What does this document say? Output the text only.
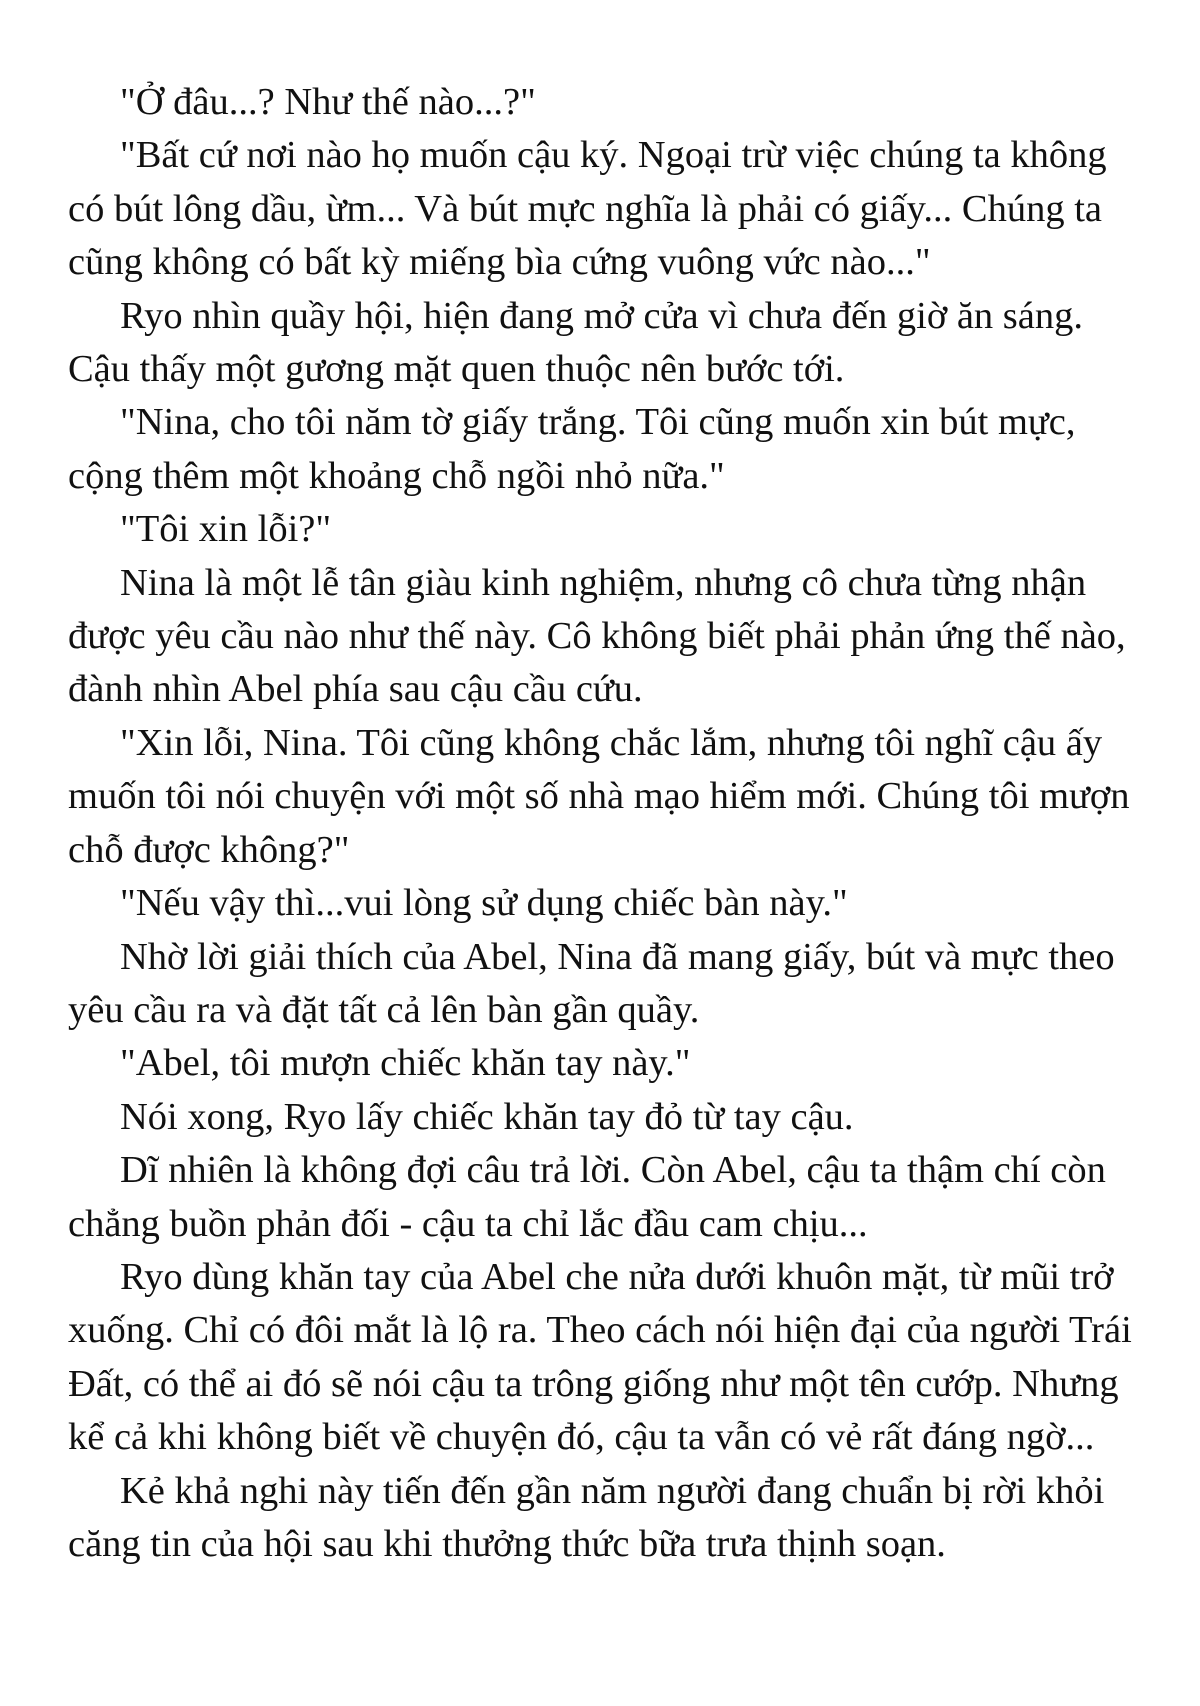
"Ở đâu...? Như thế nào...?"

"Bất cứ nơi nào họ muốn cậu ký. Ngoại trừ việc chúng ta không có bút lông dầu, ừm... Và bút mực nghĩa là phải có giấy... Chúng ta cũng không có bất kỳ miếng bìa cứng vuông vức nào..."

Ryo nhìn quầy hội, hiện đang mở cửa vì chưa đến giờ ăn sáng. Cậu thấy một gương mặt quen thuộc nên bước tới.

"Nina, cho tôi năm tờ giấy trắng. Tôi cũng muốn xin bút mực, cộng thêm một khoảng chỗ ngồi nhỏ nữa."

"Tôi xin lỗi?"

Nina là một lễ tân giàu kinh nghiệm, nhưng cô chưa từng nhận được yêu cầu nào như thế này. Cô không biết phải phản ứng thế nào, đành nhìn Abel phía sau cậu cầu cứu.

"Xin lỗi, Nina. Tôi cũng không chắc lắm, nhưng tôi nghĩ cậu ấy muốn tôi nói chuyện với một số nhà mạo hiểm mới. Chúng tôi mượn chỗ được không?"

"Nếu vậy thì...vui lòng sử dụng chiếc bàn này."

Nhờ lời giải thích của Abel, Nina đã mang giấy, bút và mực theo yêu cầu ra và đặt tất cả lên bàn gần quầy.

"Abel, tôi mượn chiếc khăn tay này."

Nói xong, Ryo lấy chiếc khăn tay đỏ từ tay cậu.

Dĩ nhiên là không đợi câu trả lời. Còn Abel, cậu ta thậm chí còn chẳng buồn phản đối - cậu ta chỉ lắc đầu cam chịu...

Ryo dùng khăn tay của Abel che nửa dưới khuôn mặt, từ mũi trở xuống. Chỉ có đôi mắt là lộ ra. Theo cách nói hiện đại của người Trái Đất, có thể ai đó sẽ nói cậu ta trông giống như một tên cướp. Nhưng kể cả khi không biết về chuyện đó, cậu ta vẫn có vẻ rất đáng ngờ...

Kẻ khả nghi này tiến đến gần năm người đang chuẩn bị rời khỏi căng tin của hội sau khi thưởng thức bữa trưa thịnh soạn.
